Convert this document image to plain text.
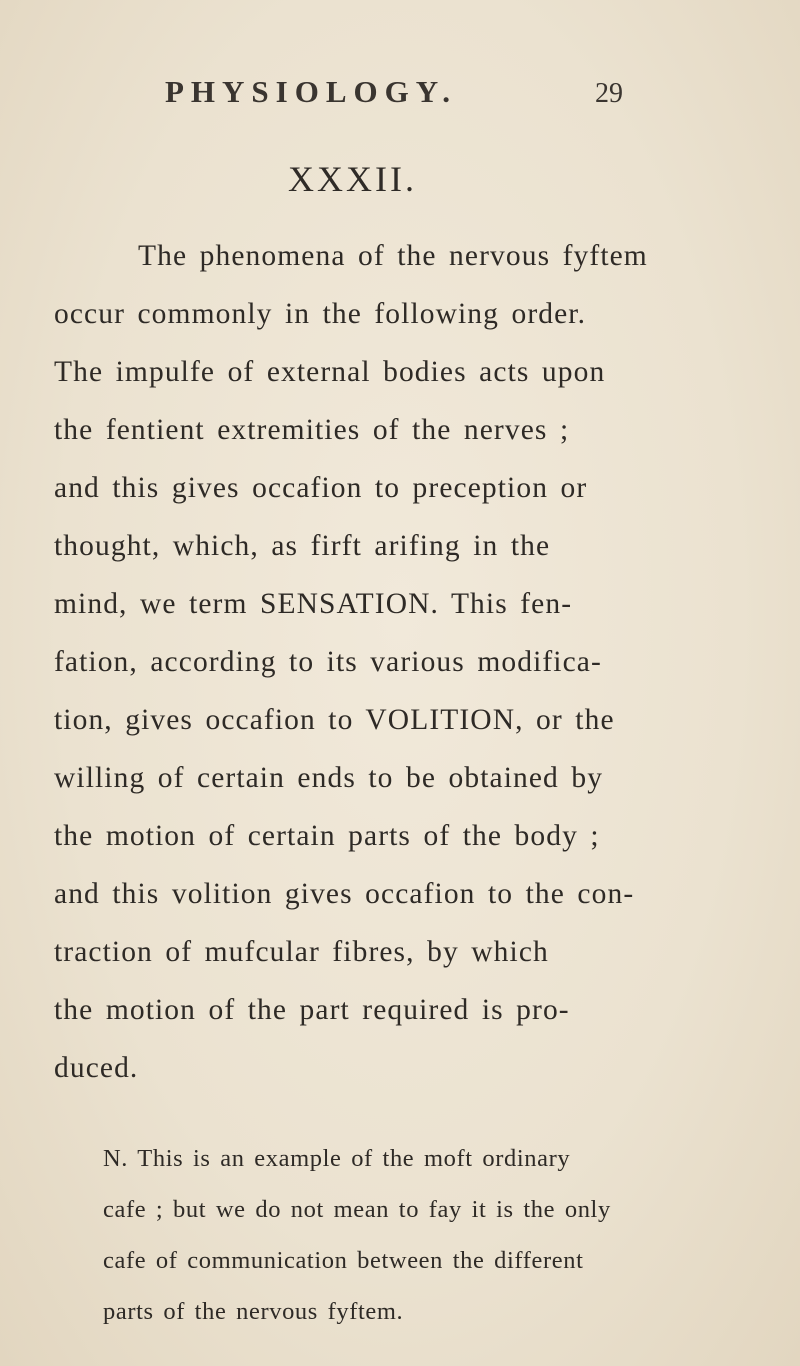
PHYSIOLOGY.	29
XXXII.
The phenomena of the nervous fyftem
occur commonly in the following order.
The impulfe of external bodies acts upon
the fentient extremities of the nerves ;
and this gives occafion to preception or
thought, which, as firft arifing in the
mind, we term SENSATION. This fen-
fation, according to its various modifica-
tion, gives occafion to VOLITION, or the
willing of certain ends to be obtained by
the motion of certain parts of the body ;
and this volition gives occafion to the con-
traction of mufcular fibres, by which
the motion of the part required is pro-
duced.
N. This is an example of the moft ordinary
cafe ; but we do not mean to fay it is the only
cafe of communication between the different
parts of the nervous fyftem.
